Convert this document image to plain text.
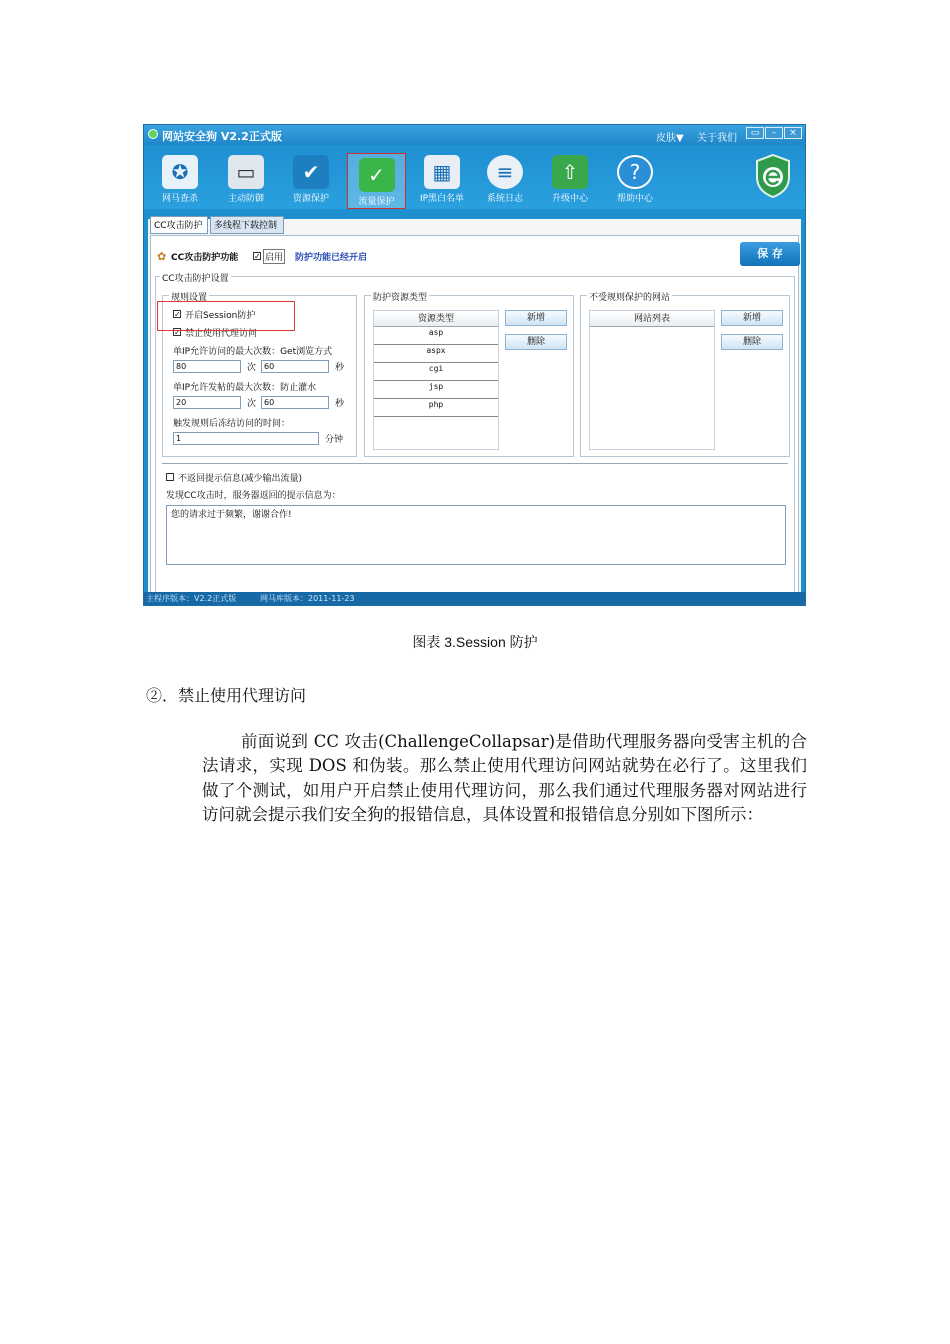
网站安全狗 V2.2正式版	皮肤▼ 关于我们	▭	–	×
✪
网马查杀
▭
主动防御
✔
资源保护
✓
流量保护
▦
IP黑白名单
≡
系统日志
⇧
升级中心
?
帮助中心
CC攻击防护	多线程下载控制
✿ CC攻击防护功能 ✓ 启用 防护功能已经开启	保 存
CC攻击防护设置
规则设置
✓ 开启Session防护
✓ 禁止使用代理访问
单IP允许访问的最大次数：Get浏览方式
80	次 60	秒
单IP允许发帖的最大次数：防止灌水
20	次 60	秒
触发规则后冻结访问的时间：
1	分钟
防护资源类型
资源类型
asp
aspx
cgi
jsp
php
新增
删除
不受规则保护的网站
网站列表	新增
删除
不返回提示信息(减少输出流量)
发现CC攻击时，服务器返回的提示信息为：
您的请求过于频繁，谢谢合作!
主程序版本：V2.2正式版	网马库版本：2011-11-23
图表 3.Session 防护
②．禁止使用代理访问
前面说到 CC 攻击(ChallengeCollapsar)是借助代理服务器向受害主机的合法请求，实现 DOS 和伪装。那么禁止使用代理访问网站就势在必行了。这里我们做了个测试，如用户开启禁止使用代理访问，那么我们通过代理服务器对网站进行访问就会提示我们安全狗的报错信息，具体设置和报错信息分别如下图所示：
